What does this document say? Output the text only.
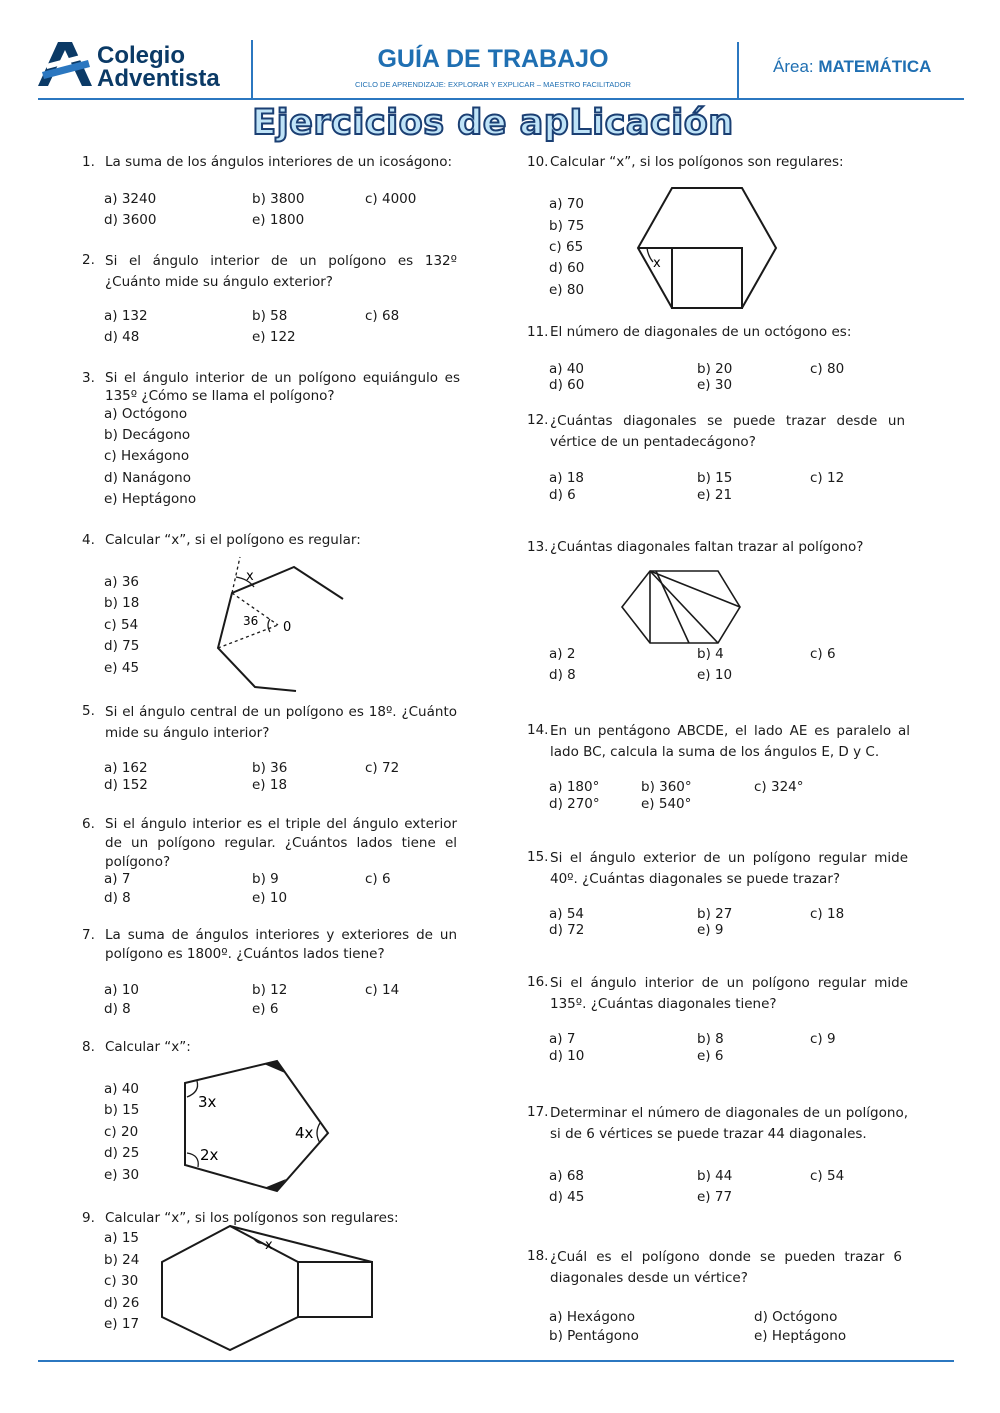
Colegio
Adventista
GUÍA DE TRABAJO
CICLO DE APRENDIZAJE: EXPLORAR Y EXPLICAR – MAESTRO FACILITADOR
Área: MATEMÁTICA
Ejercicios de apLicación
1. La suma de los ángulos interiores de un icoságono:
a) 3240	b) 3800	c) 4000
d) 3600	e) 1800
2. Si el ángulo interior de un polígono es 132º ¿Cuánto mide su ángulo exterior?
a) 132	b) 58	c) 68
d) 48	e) 122
3. Si el ángulo interior de un polígono equiángulo es 135º ¿Cómo se llama el polígono?
a) Octógono
b) Decágono
c) Hexágono
d) Nanágono
e) Heptágono
4. Calcular “x”, si el polígono es regular:
a) 36
b) 18
c) 54
d) 75
e) 45
x
36 0
5. Si el ángulo central de un polígono es 18º. ¿Cuánto mide su ángulo interior?
a) 162	b) 36	c) 72
d) 152	e) 18
6. Si el ángulo interior es el triple del ángulo exterior de un polígono regular. ¿Cuántos lados tiene el polígono?
a) 7	b) 9	c) 6
d) 8	e) 10
7. La suma de ángulos interiores y exteriores de un polígono es 1800º. ¿Cuántos lados tiene?
a) 10	b) 12	c) 14
d) 8	e) 6
8. Calcular “x”:
a) 40
b) 15
c) 20
d) 25
e) 30
3x
4x
2x
9. Calcular “x”, si los polígonos son regulares:
a) 15
b) 24
c) 30
d) 26
e) 17
x
10. Calcular “x”, si los polígonos son regulares:
a) 70
b) 75
c) 65
d) 60
e) 80
x
11. El número de diagonales de un octógono es:
a) 40	b) 20	c) 80
d) 60	e) 30
12. ¿Cuántas diagonales se puede trazar desde un vértice de un pentadecágono?
a) 18	b) 15	c) 12
d) 6	e) 21
13. ¿Cuántas diagonales faltan trazar al polígono?
a) 2	b) 4	c) 6
d) 8	e) 10
14. En un pentágono ABCDE, el lado AE es paralelo al lado BC, calcula la suma de los ángulos E, D y C.
a) 180°	b) 360°	c) 324°
d) 270°	e) 540°
15. Si el ángulo exterior de un polígono regular mide 40º. ¿Cuántas diagonales se puede trazar?
a) 54	b) 27	c) 18
d) 72	e) 9
16. Si el ángulo interior de un polígono regular mide 135º. ¿Cuántas diagonales tiene?
a) 7	b) 8	c) 9
d) 10	e) 6
17. Determinar el número de diagonales de un polígono, si de 6 vértices se puede trazar 44 diagonales.
a) 68	b) 44	c) 54
d) 45	e) 77
18. ¿Cuál es el polígono donde se pueden trazar 6 diagonales desde un vértice?
a) Hexágono	d) Octógono
b) Pentágono	e) Heptágono
